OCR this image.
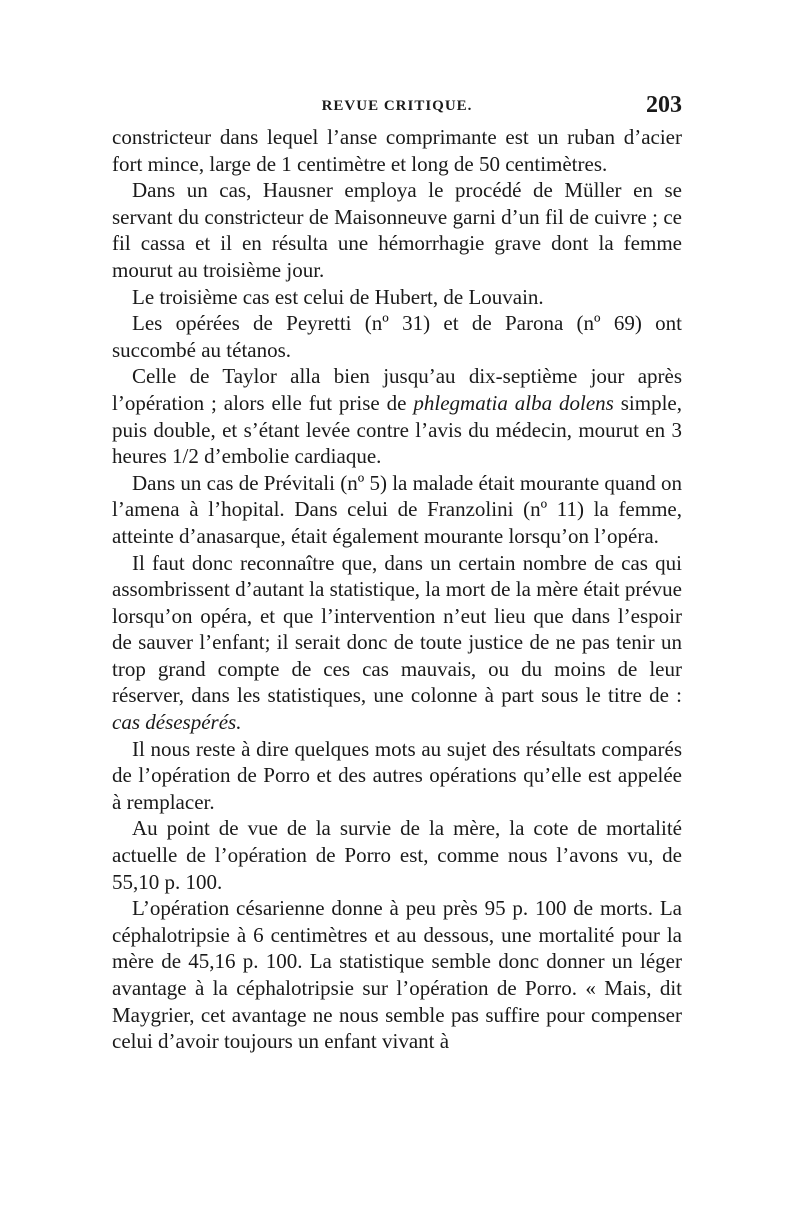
REVUE CRITIQUE.	203

constricteur dans lequel l’anse comprimante est un ruban d’acier fort mince, large de 1 centimètre et long de 50 centimètres.

Dans un cas, Hausner employa le procédé de Müller en se servant du constricteur de Maisonneuve garni d’un fil de cuivre ; ce fil cassa et il en résulta une hémorrhagie grave dont la femme mourut au troisième jour.

Le troisième cas est celui de Hubert, de Louvain.

Les opérées de Peyretti (nº 31) et de Parona (nº 69) ont succombé au tétanos.

Celle de Taylor alla bien jusqu’au dix-septième jour après l’opération ; alors elle fut prise de phlegmatia alba dolens simple, puis double, et s’étant levée contre l’avis du médecin, mourut en 3 heures 1/2 d’embolie cardiaque.

Dans un cas de Prévitali (nº 5) la malade était mourante quand on l’amena à l’hopital. Dans celui de Franzolini (nº 11) la femme, atteinte d’anasarque, était également mourante lorsqu’on l’opéra.

Il faut donc reconnaître que, dans un certain nombre de cas qui assombrissent d’autant la statistique, la mort de la mère était prévue lorsqu’on opéra, et que l’intervention n’eut lieu que dans l’espoir de sauver l’enfant; il serait donc de toute justice de ne pas tenir un trop grand compte de ces cas mauvais, ou du moins de leur réserver, dans les statistiques, une colonne à part sous le titre de : cas désespérés.

Il nous reste à dire quelques mots au sujet des résultats comparés de l’opération de Porro et des autres opérations qu’elle est appelée à remplacer.

Au point de vue de la survie de la mère, la cote de mortalité actuelle de l’opération de Porro est, comme nous l’avons vu, de 55,10 p. 100.

L’opération césarienne donne à peu près 95 p. 100 de morts. La céphalotripsie à 6 centimètres et au dessous, une mortalité pour la mère de 45,16 p. 100. La statistique semble donc donner un léger avantage à la céphalotripsie sur l’opération de Porro. « Mais, dit Maygrier, cet avantage ne nous semble pas suffire pour compenser celui d’avoir toujours un enfant vivant à
